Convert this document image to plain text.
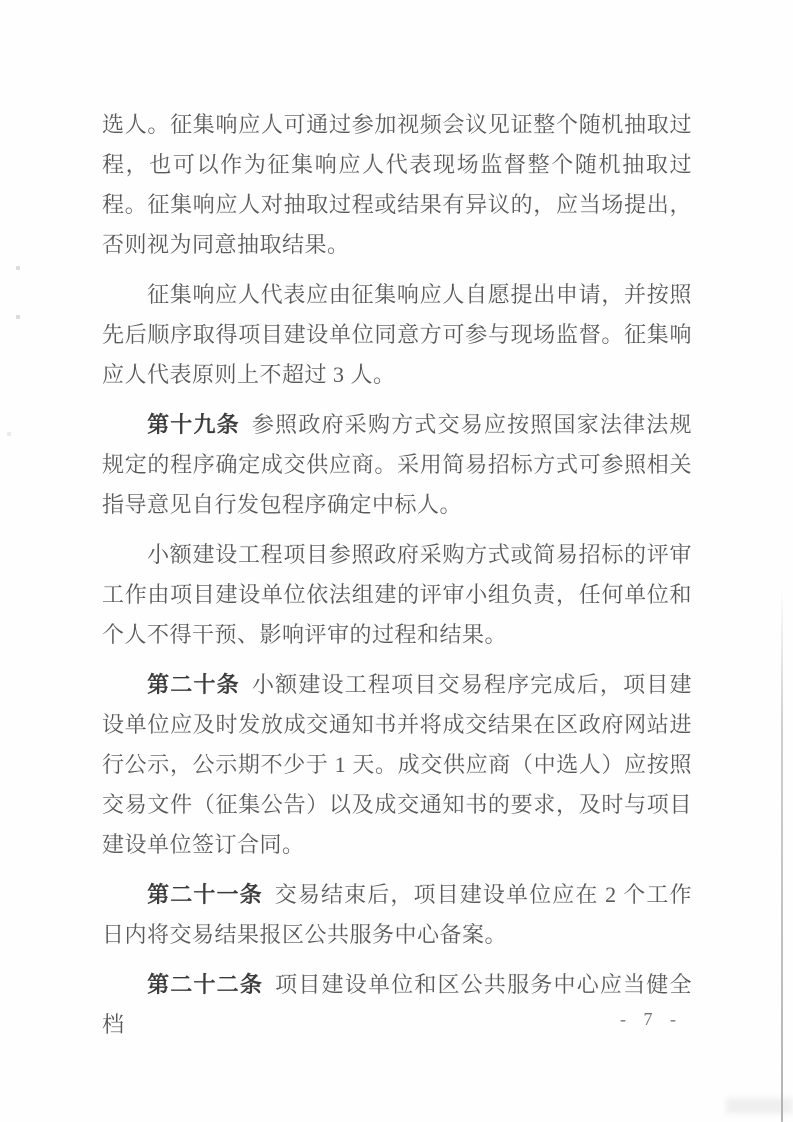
选人。征集响应人可通过参加视频会议见证整个随机抽取过程，也可以作为征集响应人代表现场监督整个随机抽取过程。征集响应人对抽取过程或结果有异议的，应当场提出，否则视为同意抽取结果。

征集响应人代表应由征集响应人自愿提出申请，并按照先后顺序取得项目建设单位同意方可参与现场监督。征集响应人代表原则上不超过 3 人。

第十九条 参照政府采购方式交易应按照国家法律法规规定的程序确定成交供应商。采用简易招标方式可参照相关指导意见自行发包程序确定中标人。

小额建设工程项目参照政府采购方式或简易招标的评审工作由项目建设单位依法组建的评审小组负责，任何单位和个人不得干预、影响评审的过程和结果。

第二十条 小额建设工程项目交易程序完成后，项目建设单位应及时发放成交通知书并将成交结果在区政府网站进行公示，公示期不少于 1 天。成交供应商（中选人）应按照交易文件（征集公告）以及成交通知书的要求，及时与项目建设单位签订合同。

第二十一条 交易结束后，项目建设单位应在 2 个工作日内将交易结果报区公共服务中心备案。

第二十二条 项目建设单位和区公共服务中心应当健全档	- 7 -
